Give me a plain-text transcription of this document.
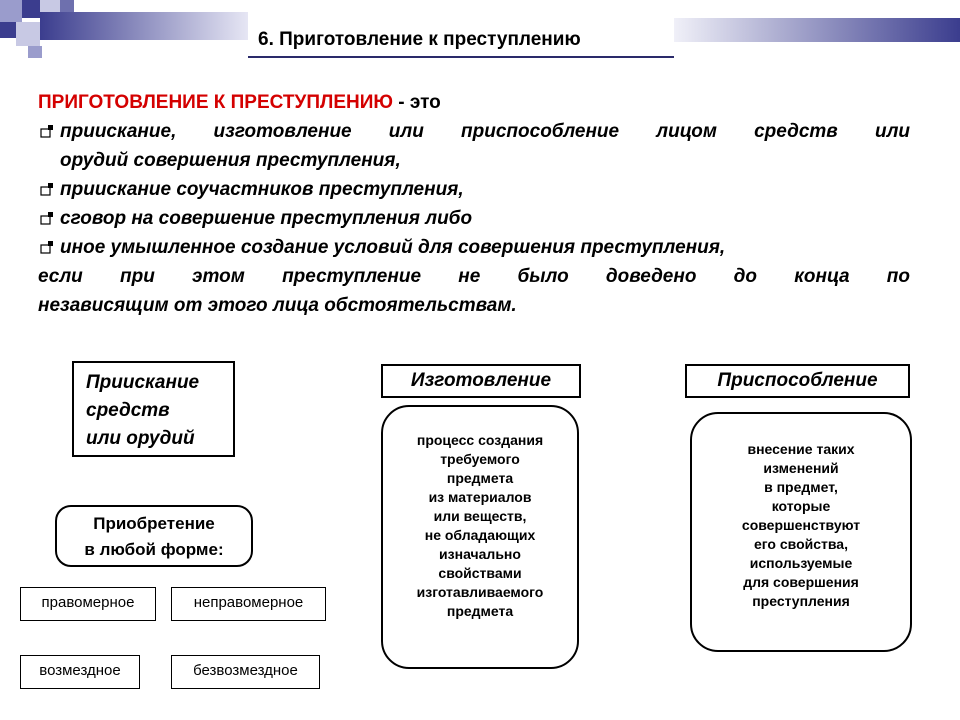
6. Приготовление к преступлению
ПРИГОТОВЛЕНИЕ К ПРЕСТУПЛЕНИЮ - это
приискание, изготовление или приспособление лицом средств или
орудий совершения преступления,
приискание соучастников преступления,
сговор на совершение преступления либо
иное умышленное создание условий для совершения преступления,
если при этом преступление не было доведено до конца по
независящим от этого лица обстоятельствам.
Приискание
средств
или орудий
Изготовление
процесс создания
требуемого
предмета
из материалов
или веществ,
не обладающих
изначально
свойствами
изготавливаемого
предмета
Приспособление
внесение таких
изменений
в предмет,
которые
совершенствуют
его свойства,
используемые
для совершения
преступления
Приобретение
в любой форме:
правомерное	неправомерное
возмездное	безвозмездное
